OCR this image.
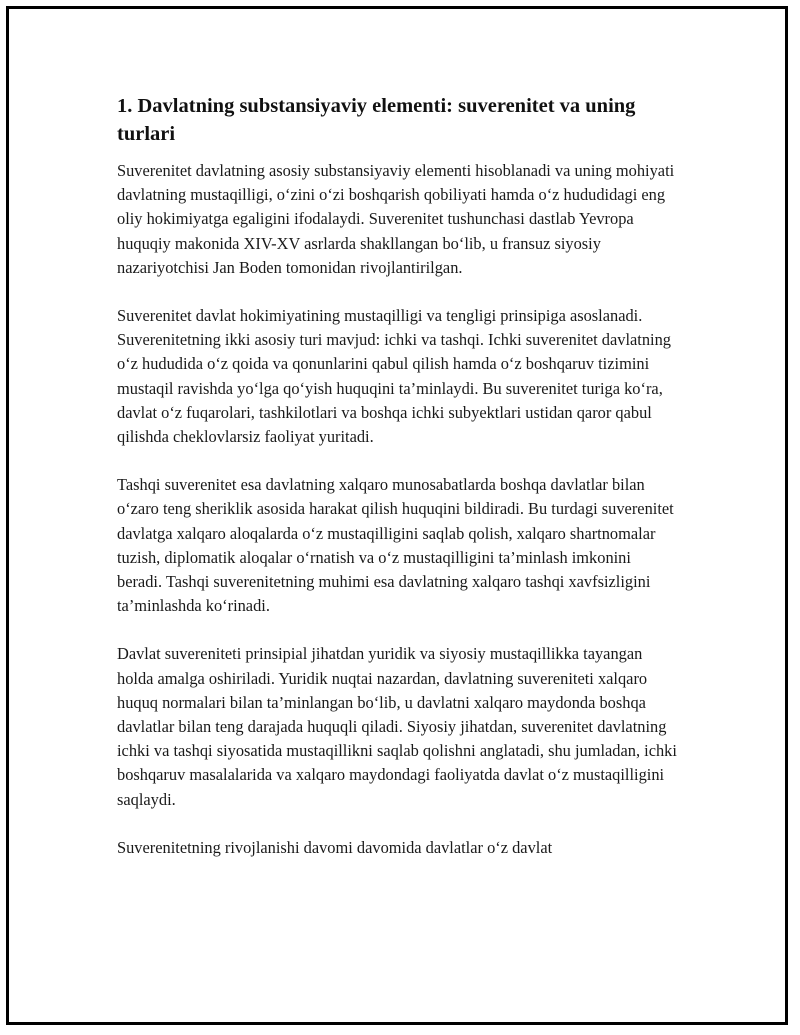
1. Davlatning substansiyaviy elementi: suverenitet va uning turlari

Suverenitet davlatning asosiy substansiyaviy elementi hisoblanadi va uning mohiyati davlatning mustaqilligi, o‘zini o‘zi boshqarish qobiliyati hamda o‘z hududidagi eng oliy hokimiyatga egaligini ifodalaydi. Suverenitet tushunchasi dastlab Yevropa huquqiy makonida XIV-XV asrlarda shakllangan bo‘lib, u fransuz siyosiy nazariyotchisi Jan Boden tomonidan rivojlantirilgan.

Suverenitet davlat hokimiyatining mustaqilligi va tengligi prinsipiga asoslanadi. Suverenitetning ikki asosiy turi mavjud: ichki va tashqi. Ichki suverenitet davlatning o‘z hududida o‘z qoida va qonunlarini qabul qilish hamda o‘z boshqaruv tizimini mustaqil ravishda yo‘lga qo‘yish huquqini ta’minlaydi. Bu suverenitet turiga ko‘ra, davlat o‘z fuqarolari, tashkilotlari va boshqa ichki subyektlari ustidan qaror qabul qilishda cheklovlarsiz faoliyat yuritadi.

Tashqi suverenitet esa davlatning xalqaro munosabatlarda boshqa davlatlar bilan o‘zaro teng sheriklik asosida harakat qilish huquqini bildiradi. Bu turdagi suverenitet davlatga xalqaro aloqalarda o‘z mustaqilligini saqlab qolish, xalqaro shartnomalar tuzish, diplomatik aloqalar o‘rnatish va o‘z mustaqilligini ta’minlash imkonini beradi. Tashqi suverenitetning muhimi esa davlatning xalqaro tashqi xavfsizligini ta’minlashda ko‘rinadi.

Davlat suvereniteti prinsipial jihatdan yuridik va siyosiy mustaqillikka tayangan holda amalga oshiriladi. Yuridik nuqtai nazardan, davlatning suvereniteti xalqaro huquq normalari bilan ta’minlangan bo‘lib, u davlatni xalqaro maydonda boshqa davlatlar bilan teng darajada huquqli qiladi. Siyosiy jihatdan, suverenitet davlatning ichki va tashqi siyosatida mustaqillikni saqlab qolishni anglatadi, shu jumladan, ichki boshqaruv masalalarida va xalqaro maydondagi faoliyatda davlat o‘z mustaqilligini saqlaydi.

Suverenitetning rivojlanishi davomi davomida davlatlar o‘z davlat
